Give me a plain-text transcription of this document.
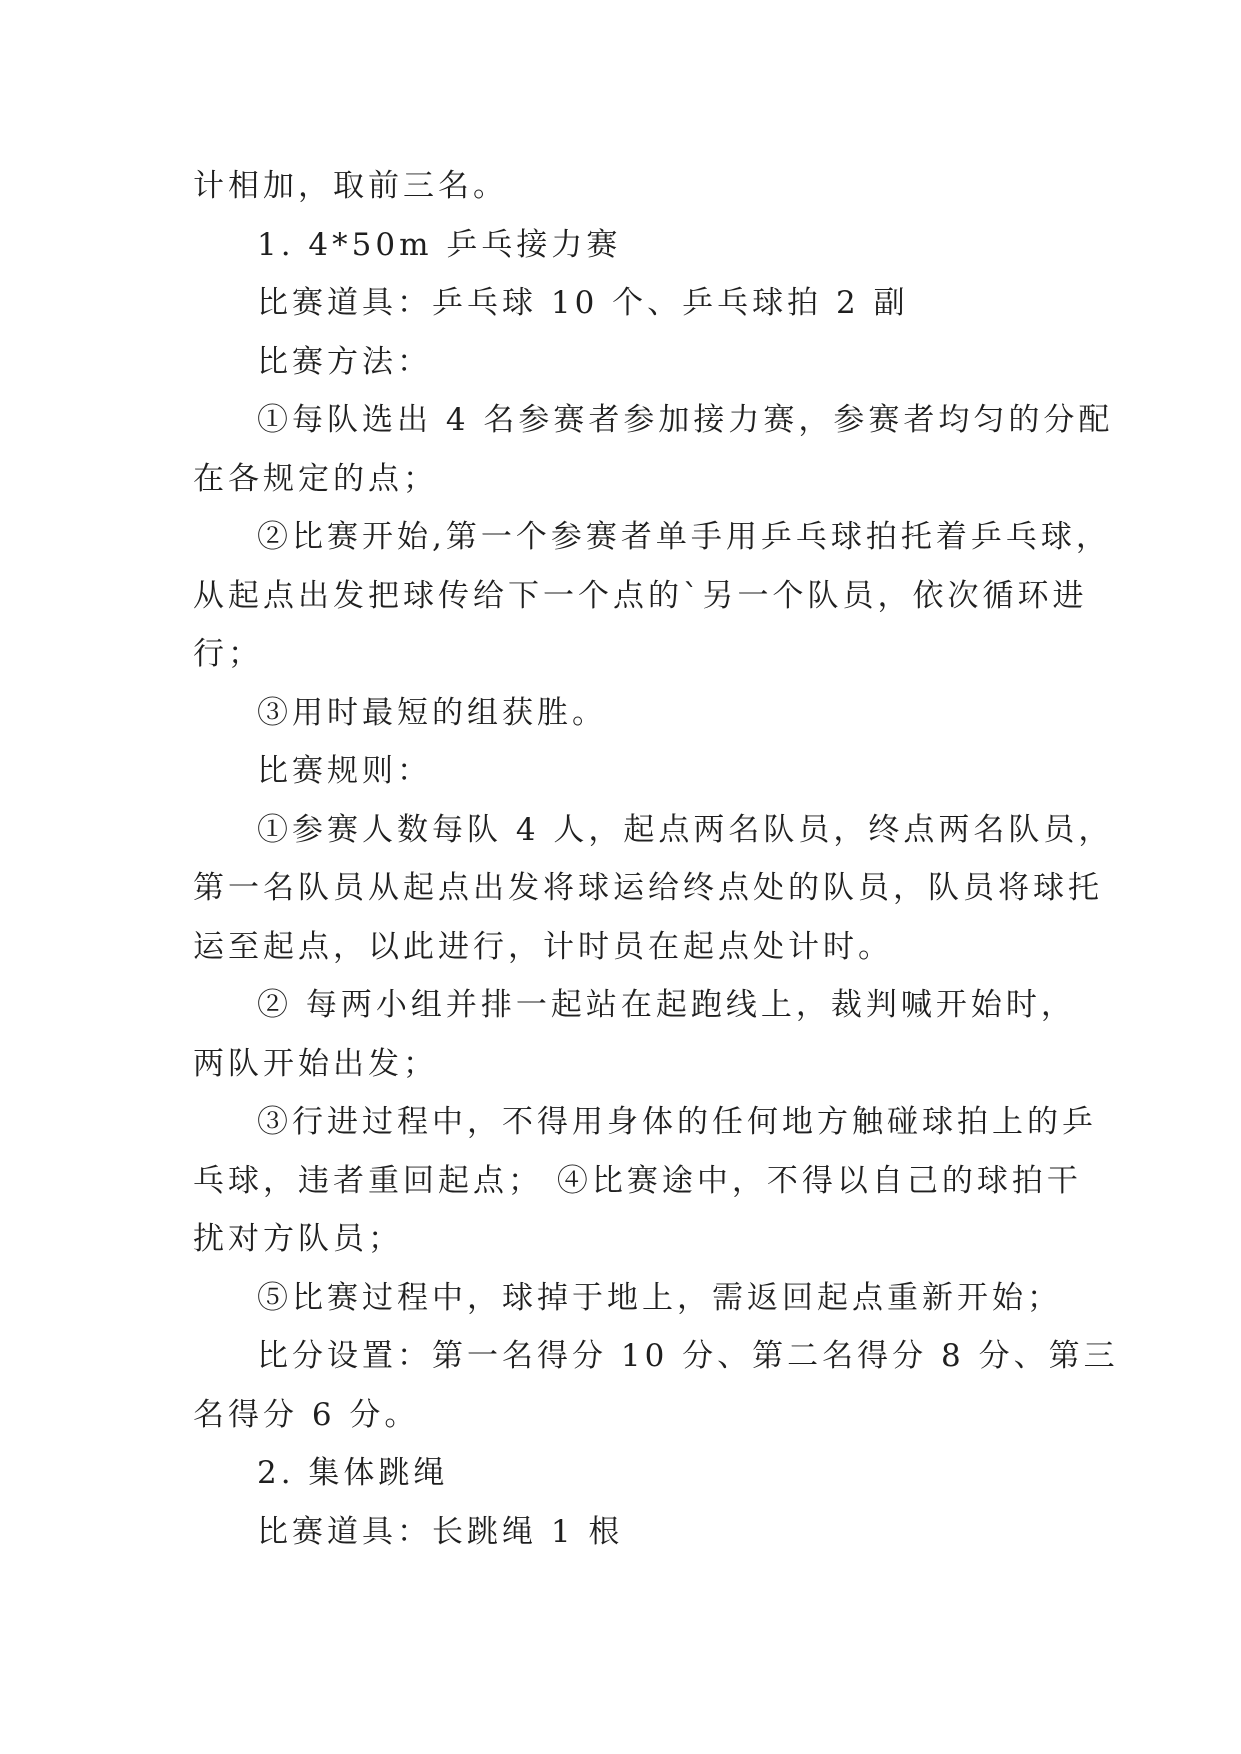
计相加，取前三名。
1. 4*50m 乒乓接力赛
比赛道具：乒乓球 10 个、乒乓球拍 2 副
比赛方法：
①每队选出 4 名参赛者参加接力赛，参赛者均匀的分配
在各规定的点；
②比赛开始,第一个参赛者单手用乒乓球拍托着乒乓球，
从起点出发把球传给下一个点的`另一个队员，依次循环进
行；
③用时最短的组获胜。
比赛规则：
①参赛人数每队 4 人，起点两名队员，终点两名队员，
第一名队员从起点出发将球运给终点处的队员，队员将球托
运至起点，以此进行，计时员在起点处计时。
② 每两小组并排一起站在起跑线上，裁判喊开始时，
两队开始出发；
③行进过程中，不得用身体的任何地方触碰球拍上的乒
乓球，违者重回起点； ④比赛途中，不得以自己的球拍干
扰对方队员；
⑤比赛过程中，球掉于地上，需返回起点重新开始；
比分设置：第一名得分 10 分、第二名得分 8 分、第三
名得分 6 分。
2. 集体跳绳
比赛道具：长跳绳 1 根
